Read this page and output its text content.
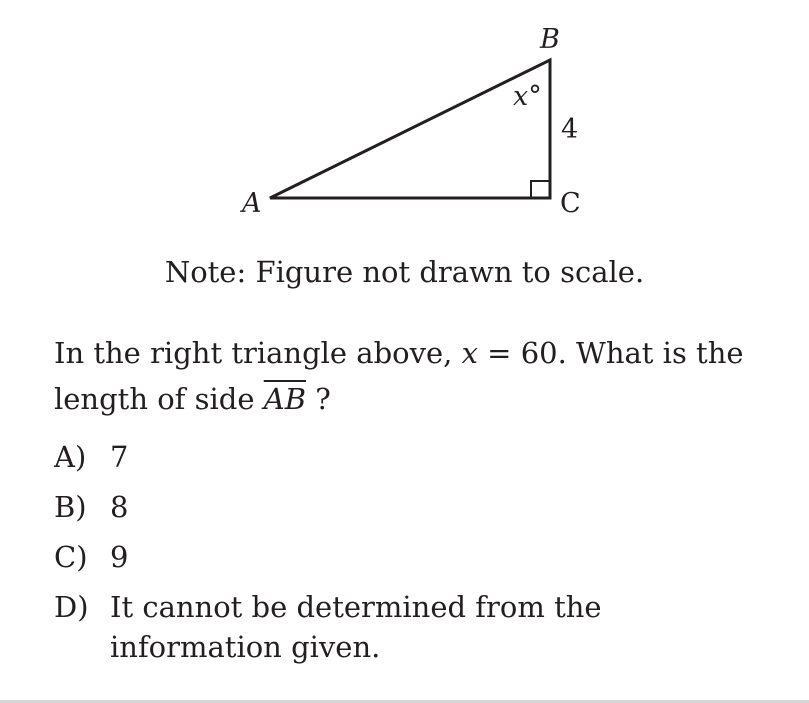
B
x°
4
A	C
Note: Figure not drawn to scale.
In the right triangle above, x = 60. What is the length of side $\overline{AB}$ ?
A) 7
B) 8
C) 9
D) It cannot be determined from the information given.
